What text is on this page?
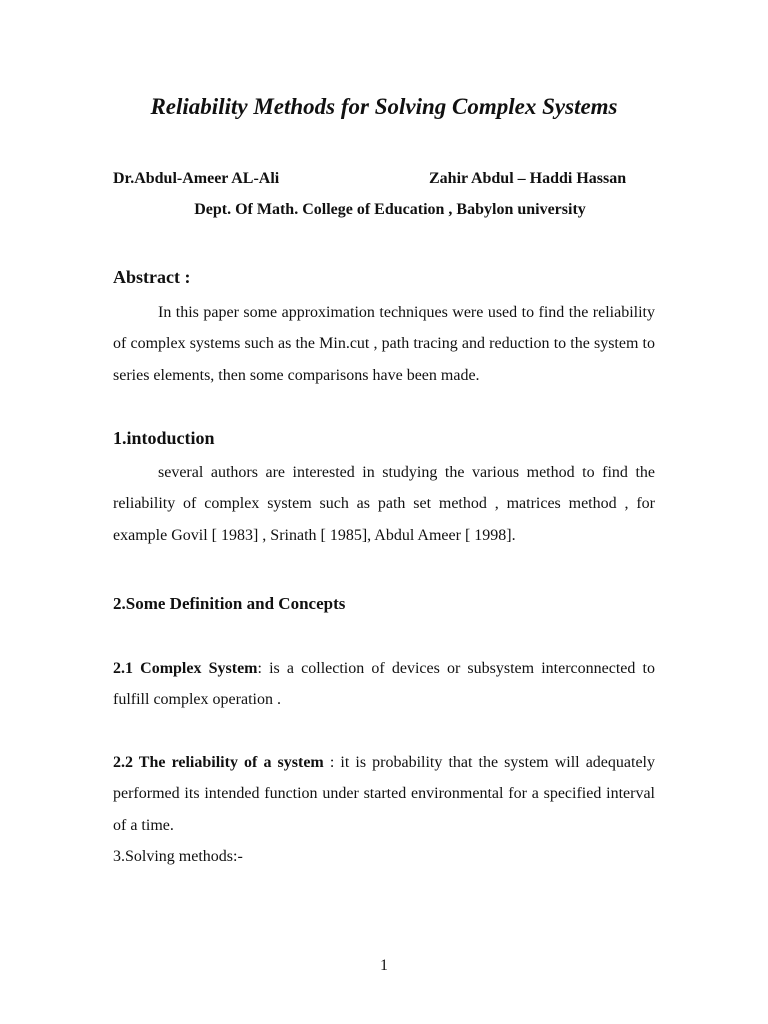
Reliability Methods for Solving Complex Systems
Dr.Abdul-Ameer AL-Ali	Zahir Abdul – Haddi Hassan
Dept. Of Math. College of Education , Babylon university
Abstract :

In this paper some approximation techniques were used to find the reliability of complex systems such as the Min.cut , path tracing and reduction to the system to series elements, then some comparisons have been made.

1.intoduction

several authors are interested in studying the various method to find the reliability of complex system such as path set method , matrices method , for example Govil [ 1983] , Srinath [ 1985], Abdul Ameer [ 1998].

2.Some Definition and Concepts

2.1 Complex System: is a collection of devices or subsystem interconnected to fulfill complex operation .

2.2 The reliability of a system : it is probability that the system will adequately performed its intended function under started environmental for a specified interval of a time.

3.Solving methods:-

1
